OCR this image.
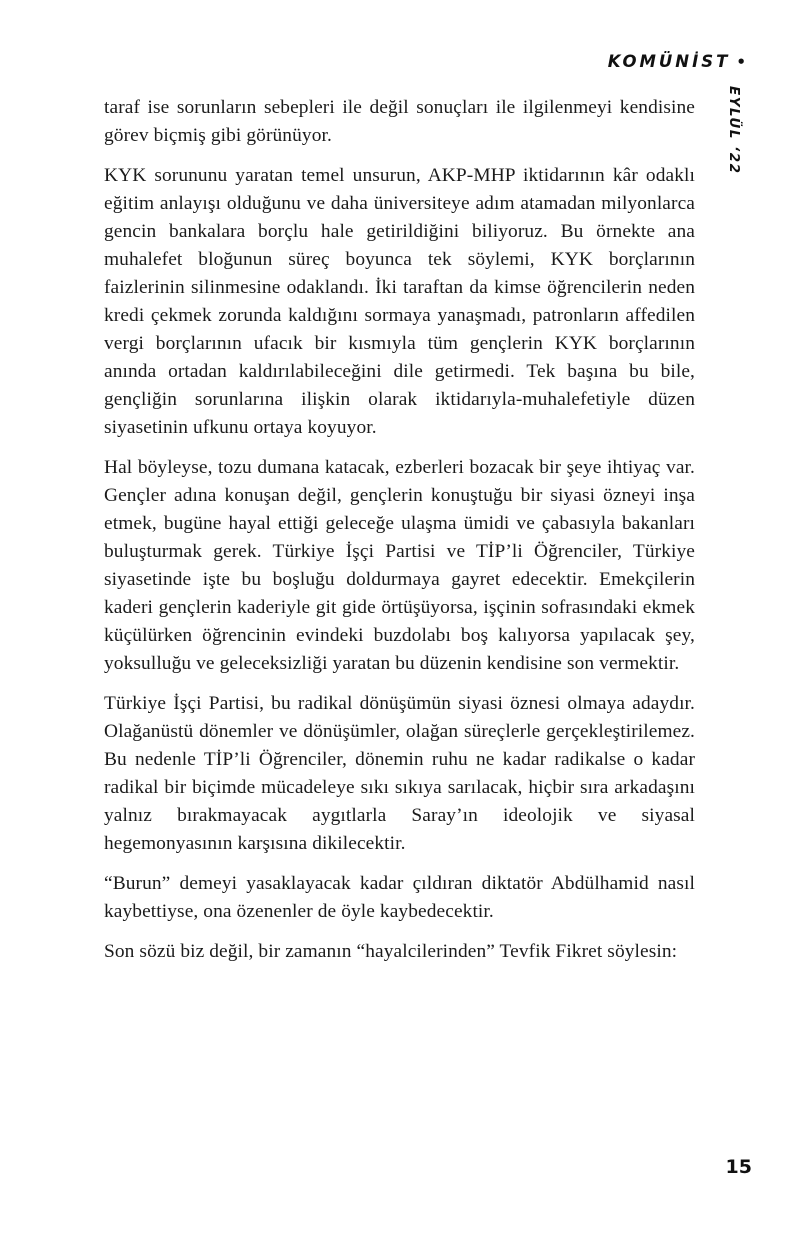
KOMÜNİST •
EYLÜL ‘22

taraf ise sorunların sebepleri ile değil sonuçları ile ilgilenmeyi kendisine görev biçmiş gibi görünüyor.

KYK sorununu yaratan temel unsurun, AKP-MHP iktidarının kâr odaklı eğitim anlayışı olduğunu ve daha üniversiteye adım atamadan milyonlarca gencin bankalara borçlu hale getirildiğini biliyoruz. Bu örnekte ana muhalefet bloğunun süreç boyunca tek söylemi, KYK borçlarının faizlerinin silinmesine odaklandı. İki taraftan da kimse öğrencilerin neden kredi çekmek zorunda kaldığını sormaya yanaşmadı, patronların affedilen vergi borçlarının ufacık bir kısmıyla tüm gençlerin KYK borçlarının anında ortadan kaldırılabileceğini dile getirmedi. Tek başına bu bile, gençliğin sorunlarına ilişkin olarak iktidarıyla-muhalefetiyle düzen siyasetinin ufkunu ortaya koyuyor.

Hal böyleyse, tozu dumana katacak, ezberleri bozacak bir şeye ihtiyaç var. Gençler adına konuşan değil, gençlerin konuştuğu bir siyasi özneyi inşa etmek, bugüne hayal ettiği geleceğe ulaşma ümidi ve çabasıyla bakanları buluşturmak gerek. Türkiye İşçi Partisi ve TİP’li Öğrenciler, Türkiye siyasetinde işte bu boşluğu doldurmaya gayret edecektir. Emekçilerin kaderi gençlerin kaderiyle git gide örtüşüyorsa, işçinin sofrasındaki ekmek küçülürken öğrencinin evindeki buzdolabı boş kalıyorsa yapılacak şey, yoksulluğu ve geleceksizliği yaratan bu düzenin kendisine son vermektir.

Türkiye İşçi Partisi, bu radikal dönüşümün siyasi öznesi olmaya adaydır. Olağanüstü dönemler ve dönüşümler, olağan süreçlerle gerçekleştirilemez. Bu nedenle TİP’li Öğrenciler, dönemin ruhu ne kadar radikalse o kadar radikal bir biçimde mücadeleye sıkı sıkıya sarılacak, hiçbir sıra arkadaşını yalnız bırakmayacak aygıtlarla Saray’ın ideolojik ve siyasal hegemonyasının karşısına dikilecektir.

“Burun” demeyi yasaklayacak kadar çıldıran diktatör Abdülhamid nasıl kaybettiyse, ona özenenler de öyle kaybedecektir.

Son sözü biz değil, bir zamanın “hayalcilerinden” Tevfik Fikret söylesin:

15
